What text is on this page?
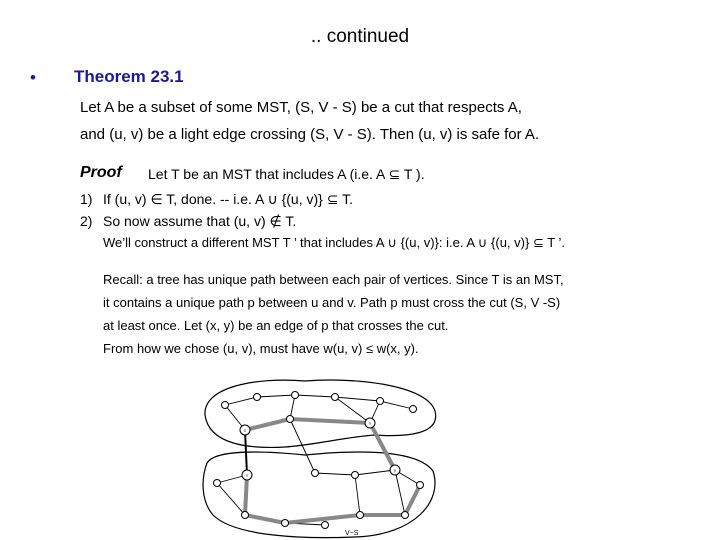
.. continued
• Theorem 23.1
Let A be a subset of some MST, (S, V - S) be a cut that respects A,
and (u, v) be a light edge crossing (S, V - S). Then (u, v) is safe for A.
Proof Let T be an MST that includes A (i.e. A ⊆ T ).
1) If (u, v) ∈ T, done. -- i.e. A ∪ {(u, v)} ⊆ T.
2) So now assume that (u, v) ∉ T.
We’ll construct a different MST T ’ that includes A ∪ {(u, v)}: i.e. A ∪ {(u, v)} ⊆ T ’.
Recall: a tree has unique path between each pair of vertices. Since T is an MST,
it contains a unique path p between u and v. Path p must cross the cut (S, V -S)
at least once. Let (x, y) be an edge of p that crosses the cut.
From how we chose (u, v), must have w(u, v) ≤ w(x, y).
u
x
y
v
V−S
